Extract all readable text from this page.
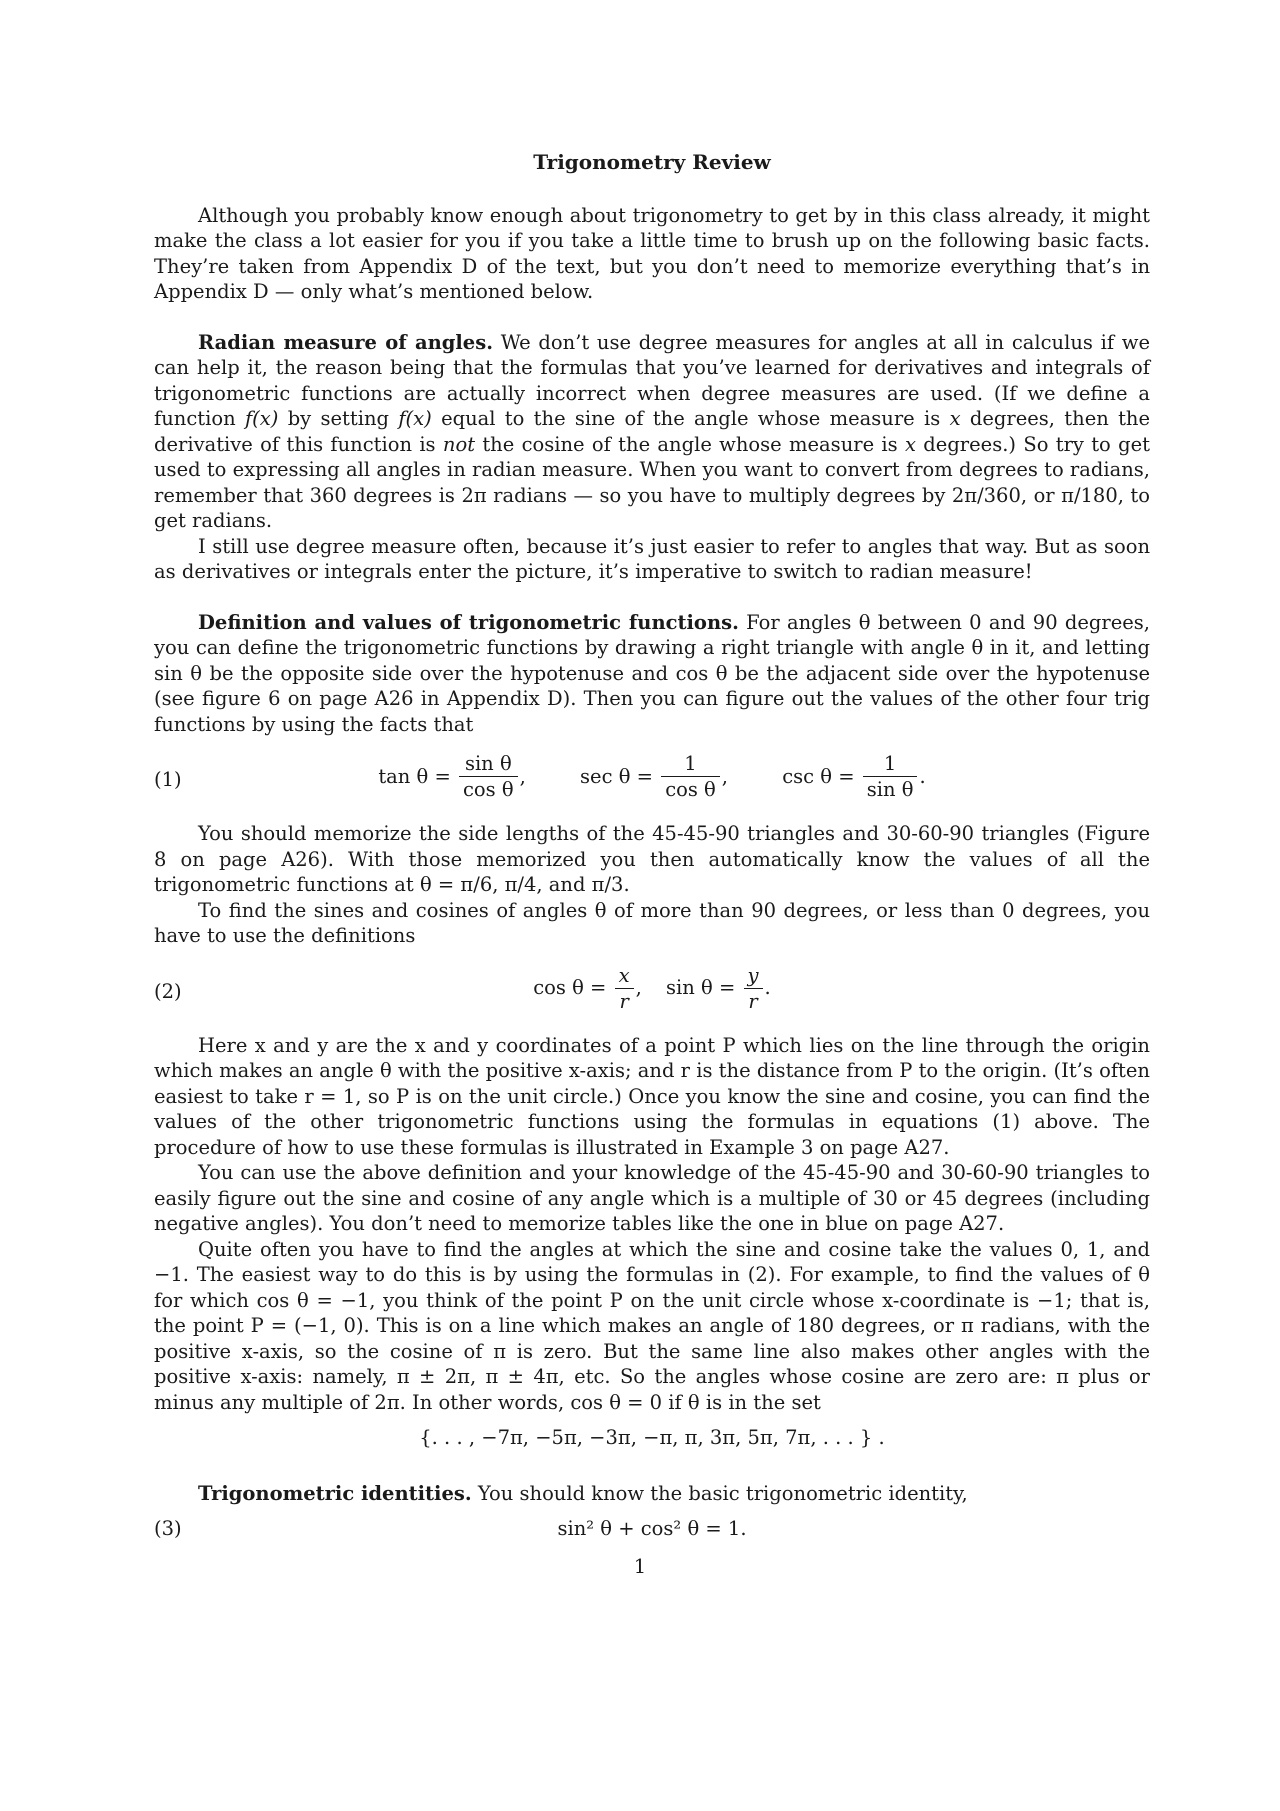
Trigonometry Review

Although you probably know enough about trigonometry to get by in this class already, it might make the class a lot easier for you if you take a little time to brush up on the following basic facts. They’re taken from Appendix D of the text, but you don’t need to memorize everything that’s in Appendix D — only what’s mentioned below.

Radian measure of angles. We don’t use degree measures for angles at all in calculus if we can help it, the reason being that the formulas that you’ve learned for derivatives and integrals of trigonometric functions are actually incorrect when degree measures are used. (If we define a function f(x) by setting f(x) equal to the sine of the angle whose measure is x degrees, then the derivative of this function is not the cosine of the angle whose measure is x degrees.) So try to get used to expressing all angles in radian measure. When you want to convert from degrees to radians, remember that 360 degrees is 2π radians — so you have to multiply degrees by 2π/360, or π/180, to get radians.

I still use degree measure often, because it’s just easier to refer to angles that way. But as soon as derivatives or integrals enter the picture, it’s imperative to switch to radian measure!

Definition and values of trigonometric functions. For angles θ between 0 and 90 degrees, you can define the trigonometric functions by drawing a right triangle with angle θ in it, and letting sin θ be the opposite side over the hypotenuse and cos θ be the adjacent side over the hypotenuse (see figure 6 on page A26 in Appendix D). Then you can figure out the values of the other four trig functions by using the facts that

(1)	$\tan \theta = \frac{\text{sin θ}}{\text{cos θ}}$ ,	$\sec \theta = \frac{1}{\text{cos θ}}$ ,	$\csc \theta = \frac{1}{\text{sin θ}}$ .

You should memorize the side lengths of the 45-45-90 triangles and 30-60-90 triangles (Figure 8 on page A26). With those memorized you then automatically know the values of all the trigonometric functions at θ = π/6, π/4, and π/3.

To find the sines and cosines of angles θ of more than 90 degrees, or less than 0 degrees, you have to use the definitions

(2)	$\cos \theta = \frac{x}{r}$ , $\sin \theta = \frac{y}{r}$ .

Here x and y are the x and y coordinates of a point P which lies on the line through the origin which makes an angle θ with the positive x-axis; and r is the distance from P to the origin. (It’s often easiest to take r = 1, so P is on the unit circle.) Once you know the sine and cosine, you can find the values of the other trigonometric functions using the formulas in equations (1) above. The procedure of how to use these formulas is illustrated in Example 3 on page A27.

You can use the above definition and your knowledge of the 45-45-90 and 30-60-90 triangles to easily figure out the sine and cosine of any angle which is a multiple of 30 or 45 degrees (including negative angles). You don’t need to memorize tables like the one in blue on page A27.

Quite often you have to find the angles at which the sine and cosine take the values 0, 1, and −1. The easiest way to do this is by using the formulas in (2). For example, to find the values of θ for which cos θ = −1, you think of the point P on the unit circle whose x-coordinate is −1; that is, the point P = (−1, 0). This is on a line which makes an angle of 180 degrees, or π radians, with the positive x-axis, so the cosine of π is zero. But the same line also makes other angles with the positive x-axis: namely, π ± 2π, π ± 4π, etc. So the angles whose cosine are zero are: π plus or minus any multiple of 2π. In other words, cos θ = 0 if θ is in the set

{. . . , −7π, −5π, −3π, −π, π, 3π, 5π, 7π, . . . } .

Trigonometric identities. You should know the basic trigonometric identity,

(3)	sin² θ + cos² θ = 1.
1
